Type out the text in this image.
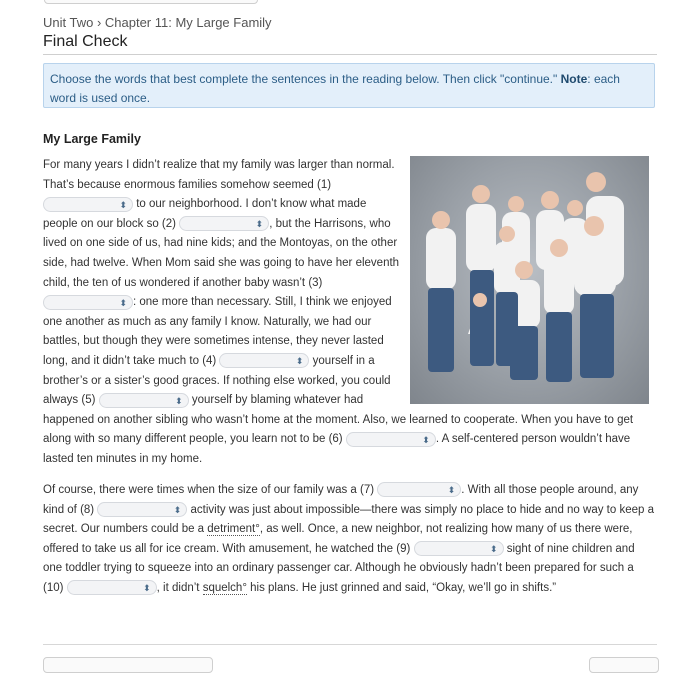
Unit Two › Chapter 11: My Large Family
Final Check
Choose the words that best complete the sentences in the reading below. Then click "continue." Note: each word is used once.
My Large Family
For many years I didn’t realize that my family was larger than normal. That’s because enormous families somehow seemed (1)
⬍ to our neighborhood. I don’t know what made people on our block so (2)	⬍ , but the Harrisons, who lived on one side of us, had nine kids; and the Montoyas, on the other side, had twelve. When Mom said she was going to have her eleventh child, the ten of us wondered if another baby wasn’t (3)
⬍ : one more than necessary. Still, I think we enjoyed one another as much as any family I know. Naturally, we had our battles, but though they were sometimes intense, they never lasted long, and it didn’t take much to (4)	⬍ yourself in a brother’s or a sister’s good graces. If nothing else worked, you could always (5)	⬍ yourself by blaming whatever had happened on another sibling who wasn’t home at the moment. Also, we learned to cooperate. When you have to get along with so many different people, you learn not to be (6)	⬍ . A self-centered person wouldn’t have lasted ten minutes in my home.
Of course, there were times when the size of our family was a (7)	⬍ . With all those people around, any kind of (8)	⬍ activity was just about impossible—there was simply no place to hide and no way to keep a secret. Our numbers could be a detriment°, as well. Once, a new neighbor, not realizing how many of us there were, offered to take us all for ice cream. With amusement, he watched the (9)	⬍ sight of nine children and one toddler trying to squeeze into an ordinary passenger car. Although he obviously hadn’t been prepared for such a (10)	⬍ , it didn’t squelch° his plans. He just grinned and said, “Okay, we’ll go in shifts.”
